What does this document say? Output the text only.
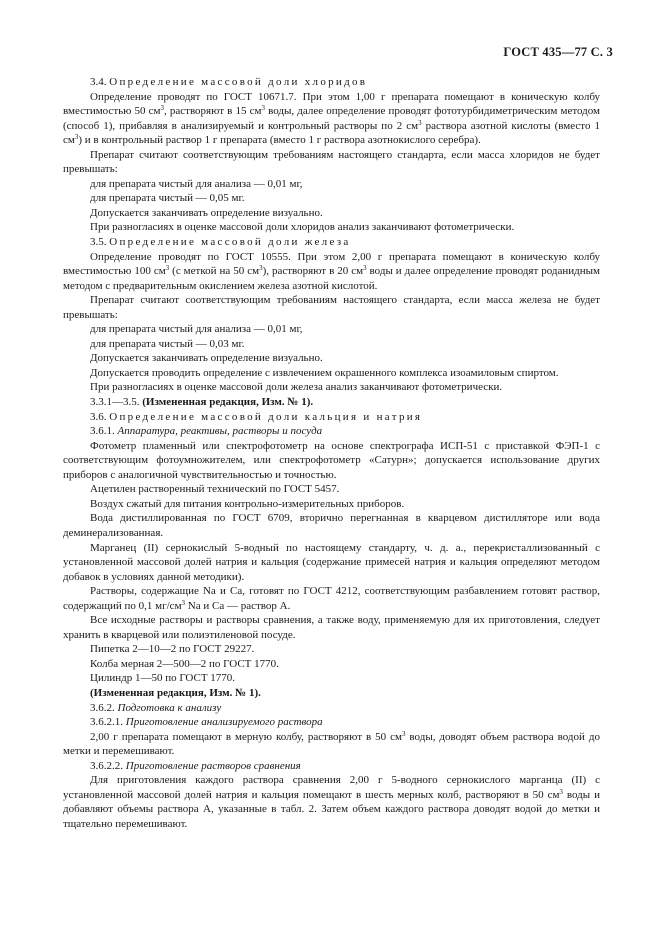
ГОСТ 435—77 С. 3

3.4. Определение массовой доли хлоридов

Определение проводят по ГОСТ 10671.7. При этом 1,00 г препарата помещают в коническую колбу вместимостью 50 $см^3$, растворяют в 15 $см^3$ воды, далее определение проводят фототурбидиметрическим методом (способ 1), прибавляя в анализируемый и контрольный растворы по 2 $см^3$ раствора азотной кислоты (вместо 1 $см^3$) и в контрольный раствор 1 г препарата (вместо 1 г раствора азотнокислого серебра).

Препарат считают соответствующим требованиям настоящего стандарта, если масса хлоридов не будет превышать:

для препарата чистый для анализа — 0,01 мг,

для препарата чистый — 0,05 мг.

Допускается заканчивать определение визуально.

При разногласиях в оценке массовой доли хлоридов анализ заканчивают фотометрически.

3.5. Определение массовой доли железа

Определение проводят по ГОСТ 10555. При этом 2,00 г препарата помещают в коническую колбу вместимостью 100 $см^3$ (с меткой на 50 $см^3$), растворяют в 20 $см^3$ воды и далее определение проводят роданидным методом с предварительным окислением железа азотной кислотой.

Препарат считают соответствующим требованиям настоящего стандарта, если масса железа не будет превышать:

для препарата чистый для анализа — 0,01 мг,

для препарата чистый — 0,03 мг.

Допускается заканчивать определение визуально.

Допускается проводить определение с извлечением окрашенного комплекса изоамиловым спиртом.

При разногласиях в оценке массовой доли железа анализ заканчивают фотометрически.

3.3.1—3.5. (Измененная редакция, Изм. № 1).

3.6. Определение массовой доли кальция и натрия

3.6.1. Аппаратура, реактивы, растворы и посуда

Фотометр пламенный или спектрофотометр на основе спектрографа ИСП-51 с приставкой ФЭП-1 с соответствующим фотоумножителем, или спектрофотометр «Сатурн»; допускается использование других приборов с аналогичной чувствительностью и точностью.

Ацетилен растворенный технический по ГОСТ 5457.

Воздух сжатый для питания контрольно-измерительных приборов.

Вода дистиллированная по ГОСТ 6709, вторично перегнанная в кварцевом дистилляторе или вода деминерализованная.

Марганец (II) сернокислый 5-водный по настоящему стандарту, ч. д. а., перекристаллизованный с установленной массовой долей натрия и кальция (содержание примесей натрия и кальция определяют методом добавок в условиях данной методики).

Растворы, содержащие Na и Ca, готовят по ГОСТ 4212, соответствующим разбавлением готовят раствор, содержащий по 0,1 $мг/см^3$ Na и Ca — раствор А.

Все исходные растворы и растворы сравнения, а также воду, применяемую для их приготовления, следует хранить в кварцевой или полиэтиленовой посуде.

Пипетка 2—10—2 по ГОСТ 29227.

Колба мерная 2—500—2 по ГОСТ 1770.

Цилиндр 1—50 по ГОСТ 1770.

(Измененная редакция, Изм. № 1).

3.6.2. Подготовка к анализу

3.6.2.1. Приготовление анализируемого раствора

2,00 г препарата помещают в мерную колбу, растворяют в 50 $см^3$ воды, доводят объем раствора водой до метки и перемешивают.

3.6.2.2. Приготовление растворов сравнения

Для приготовления каждого раствора сравнения 2,00 г 5-водного сернокислого марганца (II) с установленной массовой долей натрия и кальция помещают в шесть мерных колб, растворяют в 50 $см^3$ воды и добавляют объемы раствора А, указанные в табл. 2. Затем объем каждого раствора доводят водой до метки и тщательно перемешивают.
